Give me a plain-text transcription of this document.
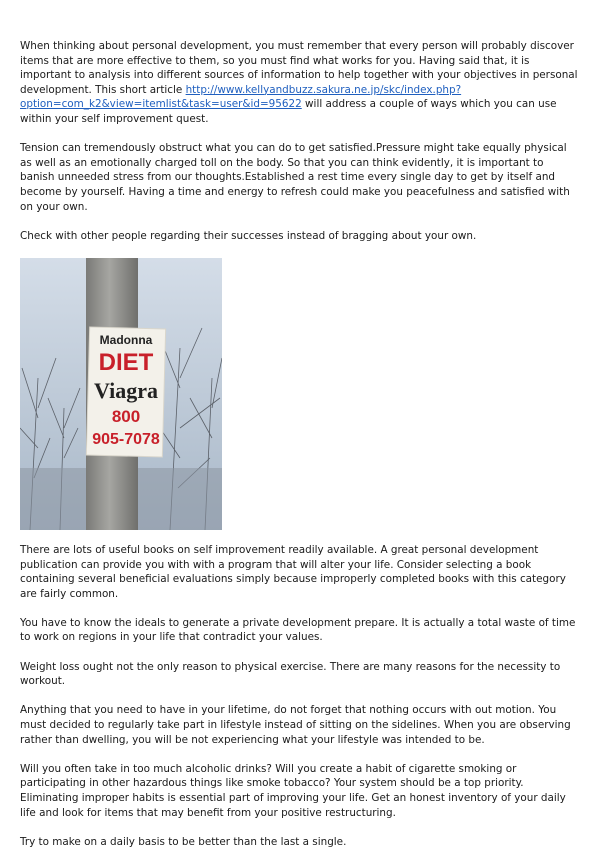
When thinking about personal development, you must remember that every person will probably discover items that are more effective to them, so you must find what works for you. Having said that, it is important to analysis into different sources of information to help together with your objectives in personal development. This short article http://www.kellyandbuzz.sakura.ne.jp/skc/index.php?option=com_k2&view=itemlist&task=user&id=95622 will address a couple of ways which you can use within your self improvement quest.

Tension can tremendously obstruct what you can do to get satisfied.Pressure might take equally physical as well as an emotionally charged toll on the body. So that you can think evidently, it is important to banish unneeded stress from our thoughts.Established a rest time every single day to get by itself and become by yourself. Having a time and energy to refresh could make you peacefulness and satisfied with on your own.

Check with other people regarding their successes instead of bragging about your own.

Madonna
DIET
Viagra
800
905-7078

There are lots of useful books on self improvement readily available. A great personal development publication can provide you with with a program that will alter your life. Consider selecting a book containing several beneficial evaluations simply because improperly completed books with this category are fairly common.

You have to know the ideals to generate a private development prepare. It is actually a total waste of time to work on regions in your life that contradict your values.

Weight loss ought not the only reason to physical exercise. There are many reasons for the necessity to workout.

Anything that you need to have in your lifetime, do not forget that nothing occurs with out motion. You must decided to regularly take part in lifestyle instead of sitting on the sidelines. When you are observing rather than dwelling, you will be not experiencing what your lifestyle was intended to be.

Will you often take in too much alcoholic drinks? Will you create a habit of cigarette smoking or participating in other hazardous things like smoke tobacco? Your system should be a top priority. Eliminating improper habits is essential part of improving your life. Get an honest inventory of your daily life and look for items that may benefit from your positive restructuring.

Try to make on a daily basis to be better than the last a single.
